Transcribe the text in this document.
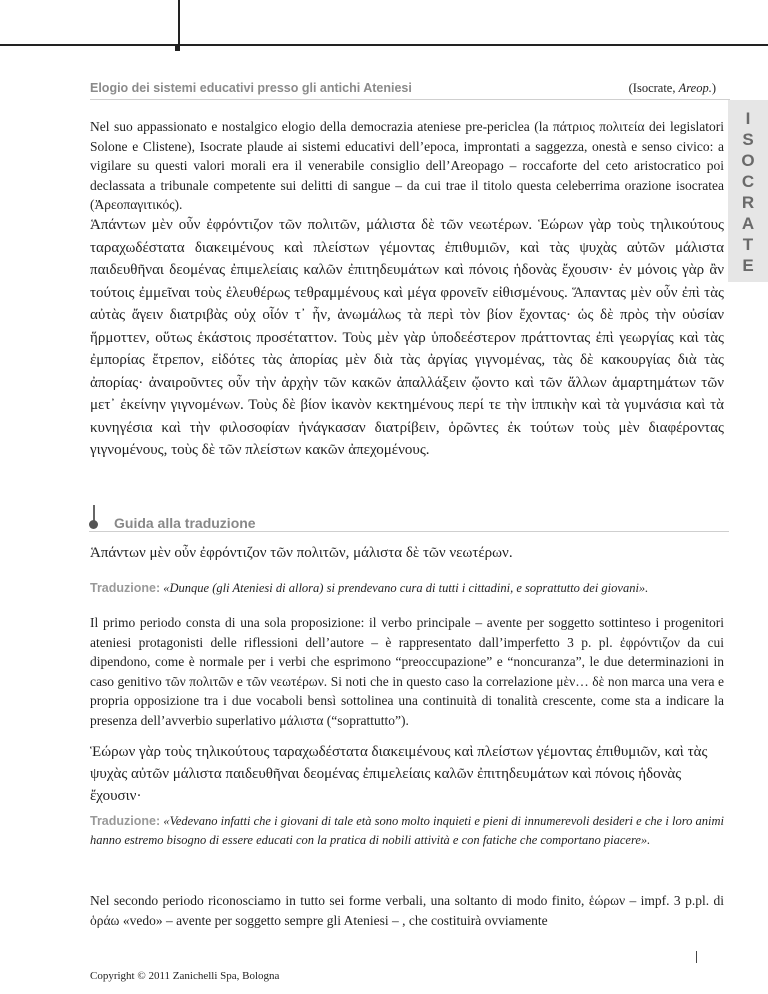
Elogio dei sistemi educativi presso gli antichi Ateniesi	(Isocrate, Areop.)
I
S
O
C
R
A
T
E

Nel suo appassionato e nostalgico elogio della democrazia ateniese pre-periclea (la πάτριος πολιτεία dei legislatori Solone e Clistene), Isocrate plaude ai sistemi educativi dell’epoca, improntati a saggezza, onestà e senso civico: a vigilare su questi valori morali era il venerabile consiglio dell’Areopago – roccaforte del ceto aristocratico poi declassata a tribunale competente sui delitti di sangue – da cui trae il titolo questa celeberrima orazione isocratea (Ἀρεοπαγιτικός).

Ἁπάντων μὲν οὖν ἐφρόντιζον τῶν πολιτῶν, μάλιστα δὲ τῶν νεωτέρων. Ἑώρων γὰρ τοὺς τηλικούτους ταραχωδέστατα διακειμένους καὶ πλείστων γέμοντας ἐπιθυμιῶν, καὶ τὰς ψυχὰς αὐτῶν μάλιστα παιδευθῆναι δεομένας ἐπιμελείαις καλῶν ἐπιτηδευμάτων καὶ πόνοις ἡδονὰς ἔχουσιν· ἐν μόνοις γὰρ ἂν τούτοις ἐμμεῖναι τοὺς ἐλευθέρως τεθραμμένους καὶ μέγα φρονεῖν εἰθισμένους. Ἅπαντας μὲν οὖν ἐπὶ τὰς αὐτὰς ἄγειν διατριβὰς οὐχ οἷόν τ᾽ ἦν, ἀνωμάλως τὰ περὶ τὸν βίον ἔχοντας· ὡς δὲ πρὸς τὴν οὐσίαν ἥρμοττεν, οὕτως ἑκάστοις προσέταττον. Τοὺς μὲν γὰρ ὑποδεέστερον πράττοντας ἐπὶ γεωργίας καὶ τὰς ἐμπορίας ἔτρεπον, εἰδότες τὰς ἀπορίας μὲν διὰ τὰς ἀργίας γιγνομένας, τὰς δὲ κακουργίας διὰ τὰς ἀπορίας· ἀναιροῦντες οὖν τὴν ἀρχὴν τῶν κακῶν ἀπαλλάξειν ᾤοντο καὶ τῶν ἄλλων ἁμαρτημάτων τῶν μετ᾽ ἐκείνην γιγνομένων. Τοὺς δὲ βίον ἱκανὸν κεκτημένους περί τε τὴν ἱππικὴν καὶ τὰ γυμνάσια καὶ τὰ κυνηγέσια καὶ τὴν φιλοσοφίαν ἠνάγκασαν διατρίβειν, ὁρῶντες ἐκ τούτων τοὺς μὲν διαφέροντας γιγνομένους, τοὺς δὲ τῶν πλείστων κακῶν ἀπεχομένους.

Guida alla traduzione

Ἁπάντων μὲν οὖν ἐφρόντιζον τῶν πολιτῶν, μάλιστα δὲ τῶν νεωτέρων.

Traduzione: «Dunque (gli Ateniesi di allora) si prendevano cura di tutti i cittadini, e soprattutto dei giovani».

Il primo periodo consta di una sola proposizione: il verbo principale – avente per soggetto sottinteso i progenitori ateniesi protagonisti delle riflessioni dell’autore – è rappresentato dall’imperfetto 3 p. pl. ἐφρόντιζον da cui dipendono, come è normale per i verbi che esprimono “preoccupazione” e “noncuranza”, le due determinazioni in caso genitivo τῶν πολιτῶν e τῶν νεωτέρων. Si noti che in questo caso la correlazione μὲν… δὲ non marca una vera e propria opposizione tra i due vocaboli bensì sottolinea una continuità di tonalità crescente, come sta a indicare la presenza dell’avverbio superlativo μάλιστα (“soprattutto”).

Ἑώρων γὰρ τοὺς τηλικούτους ταραχωδέστατα διακειμένους καὶ πλείστων γέμοντας ἐπιθυμιῶν, καὶ τὰς ψυχὰς αὐτῶν μάλιστα παιδευθῆναι δεομένας ἐπιμελείαις καλῶν ἐπιτηδευμάτων καὶ πόνοις ἡδονὰς ἔχουσιν·

Traduzione: «Vedevano infatti che i giovani di tale età sono molto inquieti e pieni di innumerevoli desideri e che i loro animi hanno estremo bisogno di essere educati con la pratica di nobili attività e con fatiche che comportano piacere».

Nel secondo periodo riconosciamo in tutto sei forme verbali, una soltanto di modo finito, ἑώρων – impf. 3 p.pl. di ὁράω «vedo» – avente per soggetto sempre gli Ateniesi – , che costituirà ovviamente

Copyright © 2011 Zanichelli Spa, Bologna
